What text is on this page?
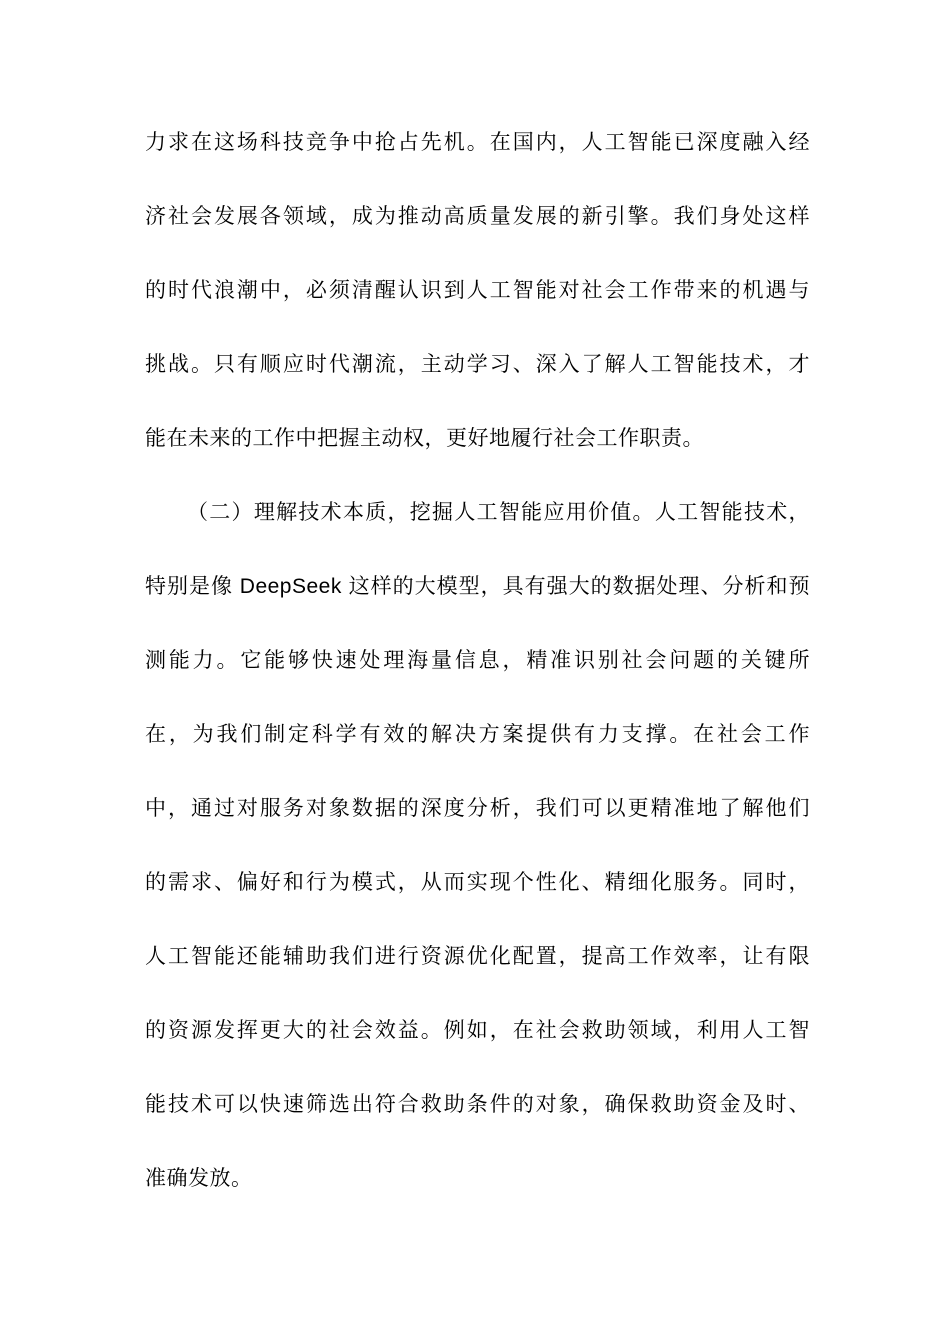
力求在这场科技竞争中抢占先机。在国内，人工智能已深度融入经
济社会发展各领域，成为推动高质量发展的新引擎。我们身处这样
的时代浪潮中，必须清醒认识到人工智能对社会工作带来的机遇与
挑战。只有顺应时代潮流，主动学习、深入了解人工智能技术，才
能在未来的工作中把握主动权，更好地履行社会工作职责。
（二）理解技术本质，挖掘人工智能应用价值。人工智能技术，
特别是像 DeepSeek 这样的大模型，具有强大的数据处理、分析和预
测能力。它能够快速处理海量信息，精准识别社会问题的关键所
在，为我们制定科学有效的解决方案提供有力支撑。在社会工作
中，通过对服务对象数据的深度分析，我们可以更精准地了解他们
的需求、偏好和行为模式，从而实现个性化、精细化服务。同时，
人工智能还能辅助我们进行资源优化配置，提高工作效率，让有限
的资源发挥更大的社会效益。例如，在社会救助领域，利用人工智
能技术可以快速筛选出符合救助条件的对象，确保救助资金及时、
准确发放。
